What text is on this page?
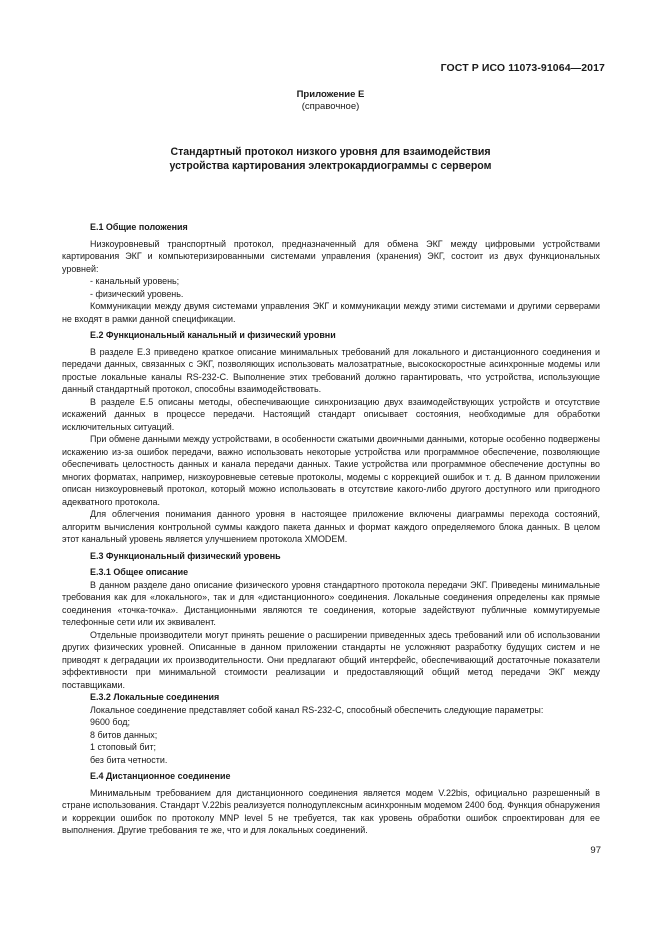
ГОСТ Р ИСО 11073-91064—2017
Приложение Е
(справочное)
Стандартный протокол низкого уровня для взаимодействия
устройства картирования электрокардиограммы с сервером

Е.1 Общие положения

Низкоуровневый транспортный протокол, предназначенный для обмена ЭКГ между цифровыми устройствами картирования ЭКГ и компьютеризированными системами управления (хранения) ЭКГ, состоит из двух функциональных уровней:

- канальный уровень;

- физический уровень.

Коммуникации между двумя системами управления ЭКГ и коммуникации между этими системами и другими серверами не входят в рамки данной спецификации.

Е.2 Функциональный канальный и физический уровни

В разделе Е.3 приведено краткое описание минимальных требований для локального и дистанционного соединения и передачи данных, связанных с ЭКГ, позволяющих использовать малозатратные, высокоскоростные асинхронные модемы или простые локальные каналы RS-232-C. Выполнение этих требований должно гарантировать, что устройства, использующие данный стандартный протокол, способны взаимодействовать.

В разделе Е.5 описаны методы, обеспечивающие синхронизацию двух взаимодействующих устройств и отсутствие искажений данных в процессе передачи. Настоящий стандарт описывает состояния, необходимые для обработки исключительных ситуаций.

При обмене данными между устройствами, в особенности сжатыми двоичными данными, которые особенно подвержены искажению из-за ошибок передачи, важно использовать некоторые устройства или программное обеспечение, позволяющие обеспечивать целостность данных и канала передачи данных. Такие устройства или программное обеспечение доступны во многих форматах, например, низкоуровневые сетевые протоколы, модемы с коррекцией ошибок и т. д. В данном приложении описан низкоуровневый протокол, который можно использовать в отсутствие какого-либо другого доступного или пригодного адекватного протокола.

Для облегчения понимания данного уровня в настоящее приложение включены диаграммы перехода состояний, алгоритм вычисления контрольной суммы каждого пакета данных и формат каждого определяемого блока данных. В целом этот канальный уровень является улучшением протокола XMODEM.

Е.3 Функциональный физический уровень

Е.3.1 Общее описание

В данном разделе дано описание физического уровня стандартного протокола передачи ЭКГ. Приведены минимальные требования как для «локального», так и для «дистанционного» соединения. Локальные соединения определены как прямые соединения «точка-точка». Дистанционными являются те соединения, которые задействуют публичные коммутируемые телефонные сети или их эквивалент.

Отдельные производители могут принять решение о расширении приведенных здесь требований или об использовании других физических уровней. Описанные в данном приложении стандарты не усложняют разработку будущих систем и не приводят к деградации их производительности. Они предлагают общий интерфейс, обеспечивающий достаточные показатели эффективности при минимальной стоимости реализации и предоставляющий общий метод передачи ЭКГ между поставщиками.

Е.3.2 Локальные соединения

Локальное соединение представляет собой канал RS-232-C, способный обеспечить следующие параметры:

9600 бод;

8 битов данных;

1 стоповый бит;

без бита четности.

Е.4 Дистанционное соединение

Минимальным требованием для дистанционного соединения является модем V.22bis, официально разрешенный в стране использования. Стандарт V.22bis реализуется полнодуплексным асинхронным модемом 2400 бод. Функция обнаружения и коррекции ошибок по протоколу MNP level 5 не требуется, так как уровень обработки ошибок спроектирован для ее выполнения. Другие требования те же, что и для локальных соединений.

97
